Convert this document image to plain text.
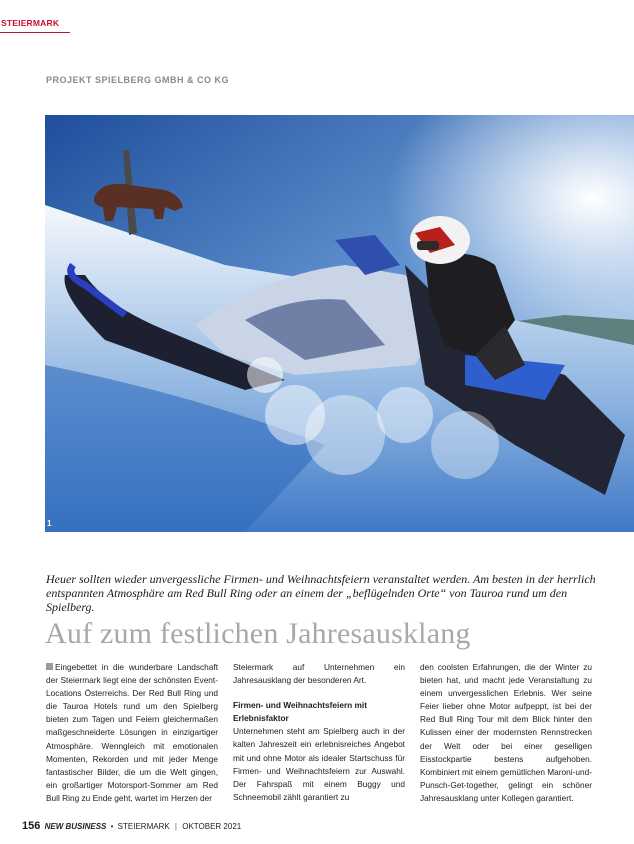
STEIERMARK
PROJEKT SPIELBERG GMBH & CO KG
1
Heuer sollten wieder unvergessliche Firmen- und Weihnachtsfeiern veranstaltet werden. Am besten in der herrlich entspannten Atmosphäre am Red Bull Ring oder an einem der „beflügelnden Orte“ von Tauroa rund um den Spielberg.
Auf zum festlichen Jahresausklang

Eingebettet in die wunderbare Landschaft der Steiermark liegt eine der schönsten Event-Locations Österreichs. Der Red Bull Ring und die Tauroa Hotels rund um den Spielberg bieten zum Tagen und Feiern gleichermaßen maßgeschneiderte Lösungen in einzigartiger Atmosphäre. Wenngleich mit emotionalen Momenten, Rekorden und mit jeder Menge fantastischer Bilder, die um die Welt gingen, ein großartiger Motorsport-Sommer am Red Bull Ring zu Ende geht, wartet im Herzen der

Steiermark auf Unternehmen ein Jahresausklang der besonderen Art.

Firmen- und Weihnachtsfeiern mit Erlebnisfaktor

Unternehmen steht am Spielberg auch in der kalten Jahreszeit ein erlebnisreiches Angebot mit und ohne Motor als idealer Startschuss für Firmen- und Weihnachtsfeiern zur Auswahl. Der Fahrspaß mit einem Buggy und Schneemobil zählt garantiert zu

den coolsten Erfahrungen, die der Winter zu bieten hat, und macht jede Veranstaltung zu einem unvergesslichen Erlebnis. Wer seine Feier lieber ohne Motor aufpeppt, ist bei der Red Bull Ring Tour mit dem Blick hinter den Kulissen einer der modernsten Rennstrecken der Welt oder bei einer geselligen Eisstockpartie bestens aufgehoben. Kombiniert mit einem gemütlichen Maroni-und-Punsch-Get-together, gelingt ein schöner Jahresausklang unter Kollegen garantiert.

156 NEW BUSINESS • STEIERMARK | OKTOBER 2021
